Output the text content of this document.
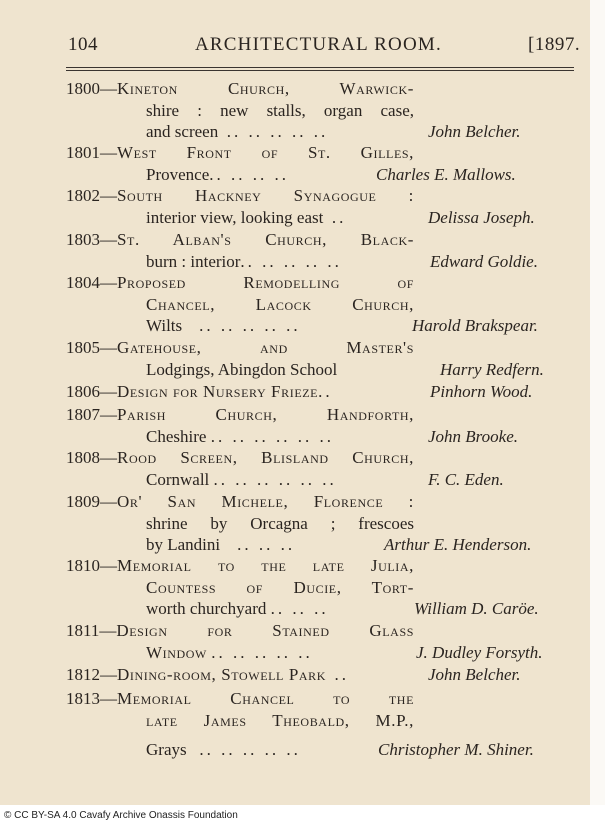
104	ARCHITECTURAL ROOM.	[1897.
1800—Kineton Church, Warwick-
shire : new stalls, organ case,
and screen .. .. .. .. ..	John Belcher.
1801—West Front of St. Gilles,
Provence.. .. .. ..	Charles E. Mallows.
1802—South Hackney Synagogue :
interior view, looking east ..	Delissa Joseph.
1803—St. Alban's Church, Black-
burn : interior.. .. .. .. ..	Edward Goldie.
1804—Proposed Remodelling of
Chancel, Lacock Church,
Wilts .. .. .. .. ..	Harold Brakspear.
1805—Gatehouse, and Master's
Lodgings, Abingdon School	Harry Redfern.
1806—Design for Nursery Frieze..	Pinhorn Wood.
1807—Parish Church, Handforth,
Cheshire .. .. .. .. .. ..	John Brooke.
1808—Rood Screen, Blisland Church,
Cornwall .. .. .. .. .. ..	F. C. Eden.
1809—Or' San Michele, Florence :
shrine by Orcagna ; frescoes
by Landini .. .. ..	Arthur E. Henderson.
1810—Memorial to the late Julia,
Countess of Ducie, Tort-
worth churchyard .. .. ..	William D. Caröe.
1811—Design for Stained Glass
Window .. .. .. .. ..	J. Dudley Forsyth.
1812—Dining-room, Stowell Park ..	John Belcher.
1813—Memorial Chancel to the
late James Theobald, M.P.,
Grays .. .. .. .. ..	Christopher M. Shiner.
© CC BY-SA 4.0 Cavafy Archive Onassis Foundation
